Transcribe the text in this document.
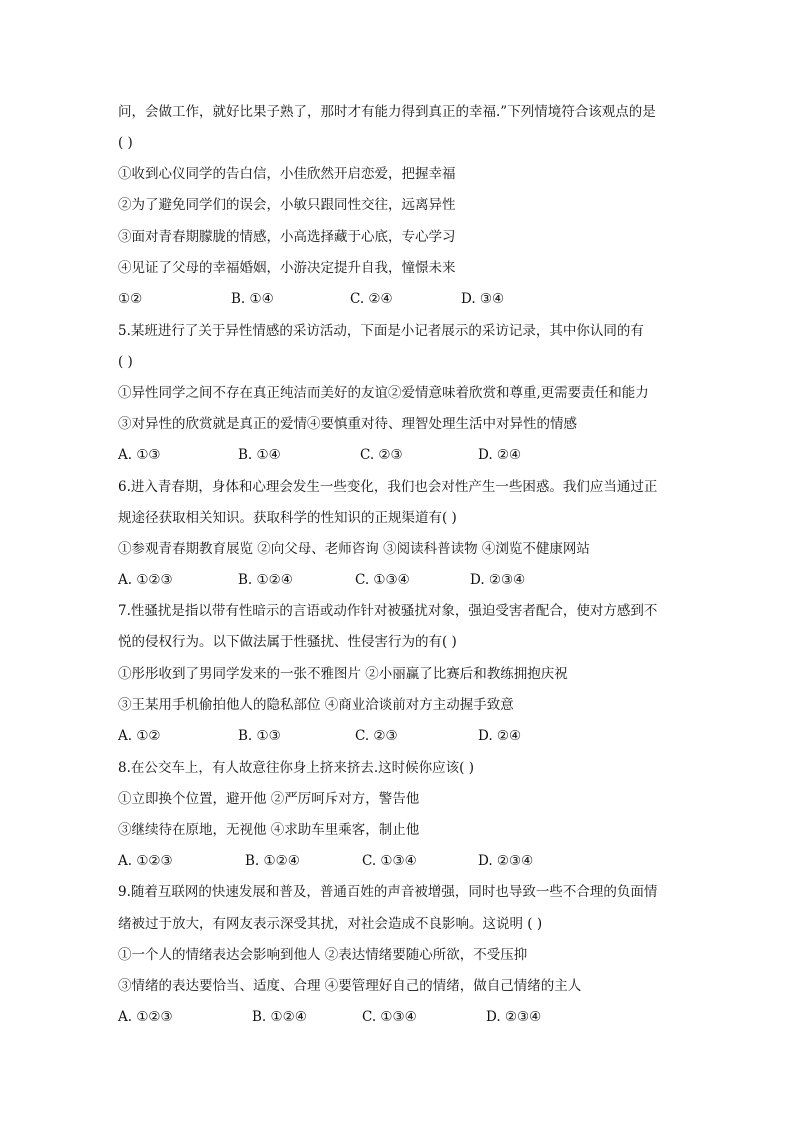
问，会做工作，就好比果子熟了，那时才有能力得到真正的幸福.”下列情境符合该观点的是
( )
①收到心仪同学的告白信，小佳欣然开启恋爱，把握幸福
②为了避免同学们的误会，小敏只跟同性交往，远离异性
③面对青春期朦胧的情感，小高选择藏于心底，专心学习
④见证了父母的幸福婚姻，小游决定提升自我，憧憬未来
①②	B. ①④	C. ②④	D. ③④
5.某班进行了关于异性情感的采访活动，下面是小记者展示的采访记录，其中你认同的有
( )
①异性同学之间不存在真正纯洁而美好的友谊②爱情意味着欣赏和尊重,更需要责任和能力
③对异性的欣赏就是真正的爱情④要慎重对待、理智处理生活中对异性的情感
A. ①③	B. ①④	C. ②③	D. ②④
6.进入青春期，身体和心理会发生一些变化，我们也会对性产生一些困惑。我们应当通过正
规途径获取相关知识。获取科学的性知识的正规渠道有( )
①参观青春期教育展览 ②向父母、老师咨询 ③阅读科普读物 ④浏览不健康网站
A. ①②③	B. ①②④	C. ①③④	D. ②③④
7.性骚扰是指以带有性暗示的言语或动作针对被骚扰对象，强迫受害者配合，使对方感到不
悦的侵权行为。以下做法属于性骚扰、性侵害行为的有( )
①彤彤收到了男同学发来的一张不雅图片 ②小丽赢了比赛后和教练拥抱庆祝
③王某用手机偷拍他人的隐私部位 ④商业洽谈前对方主动握手致意
A. ①②	B. ①③	C. ②③	D. ②④
8.在公交车上，有人故意往你身上挤来挤去.这时候你应该( )
①立即换个位置，避开他 ②严厉呵斥对方，警告他
③继续待在原地，无视他 ④求助车里乘客，制止他
A. ①②③	B. ①②④	C. ①③④	D. ②③④
9.随着互联网的快速发展和普及，普通百姓的声音被增强，同时也导致一些不合理的负面情
绪被过于放大，有网友表示深受其扰，对社会造成不良影响。这说明 ( )
①一个人的情绪表达会影响到他人 ②表达情绪要随心所欲，不受压抑
③情绪的表达要恰当、适度、合理 ④要管理好自己的情绪，做自己情绪的主人
A. ①②③	B. ①②④	C. ①③④	D. ②③④
